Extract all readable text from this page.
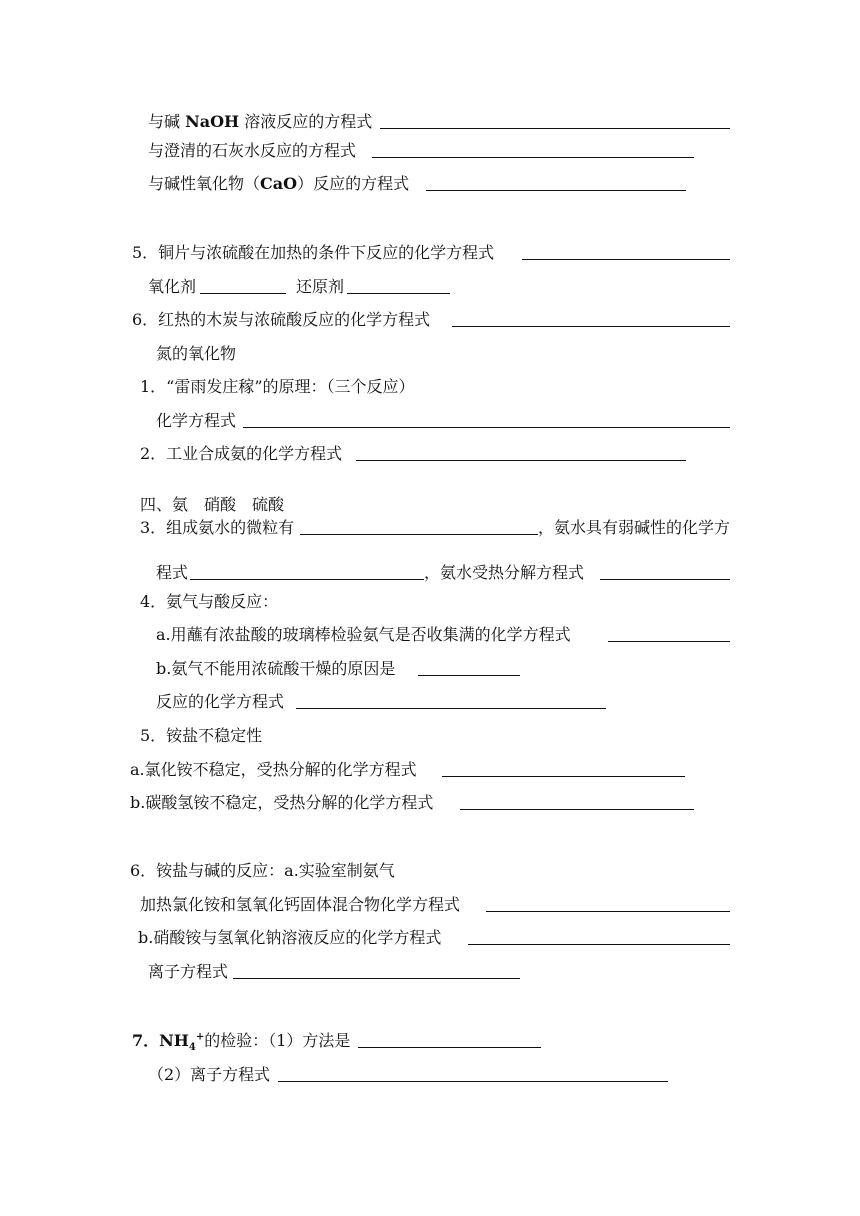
与碱 NaOH 溶液反应的方程式
与澄清的石灰水反应的方程式
与碱性氧化物（CaO）反应的方程式
5．铜片与浓硫酸在加热的条件下反应的化学方程式
氧化剂	还原剂
6．红热的木炭与浓硫酸反应的化学方程式
氮的氧化物
1．“雷雨发庄稼”的原理：（三个反应）
化学方程式
2．工业合成氨的化学方程式
四、氨　硝酸　硫酸
3．组成氨水的微粒有	，氨水具有弱碱性的化学方
程式	，氨水受热分解方程式
4．氨气与酸反应：
a.用蘸有浓盐酸的玻璃棒检验氨气是否收集满的化学方程式
b.氨气不能用浓硫酸干燥的原因是
反应的化学方程式
5．铵盐不稳定性
a.氯化铵不稳定，受热分解的化学方程式
b.碳酸氢铵不稳定，受热分解的化学方程式
6．铵盐与碱的反应：a.实验室制氨气
加热氯化铵和氢氧化钙固体混合物化学方程式
b.硝酸铵与氢氧化钠溶液反应的化学方程式
离子方程式
7．$NH_4^+$的检验：（1）方法是
（2）离子方程式
